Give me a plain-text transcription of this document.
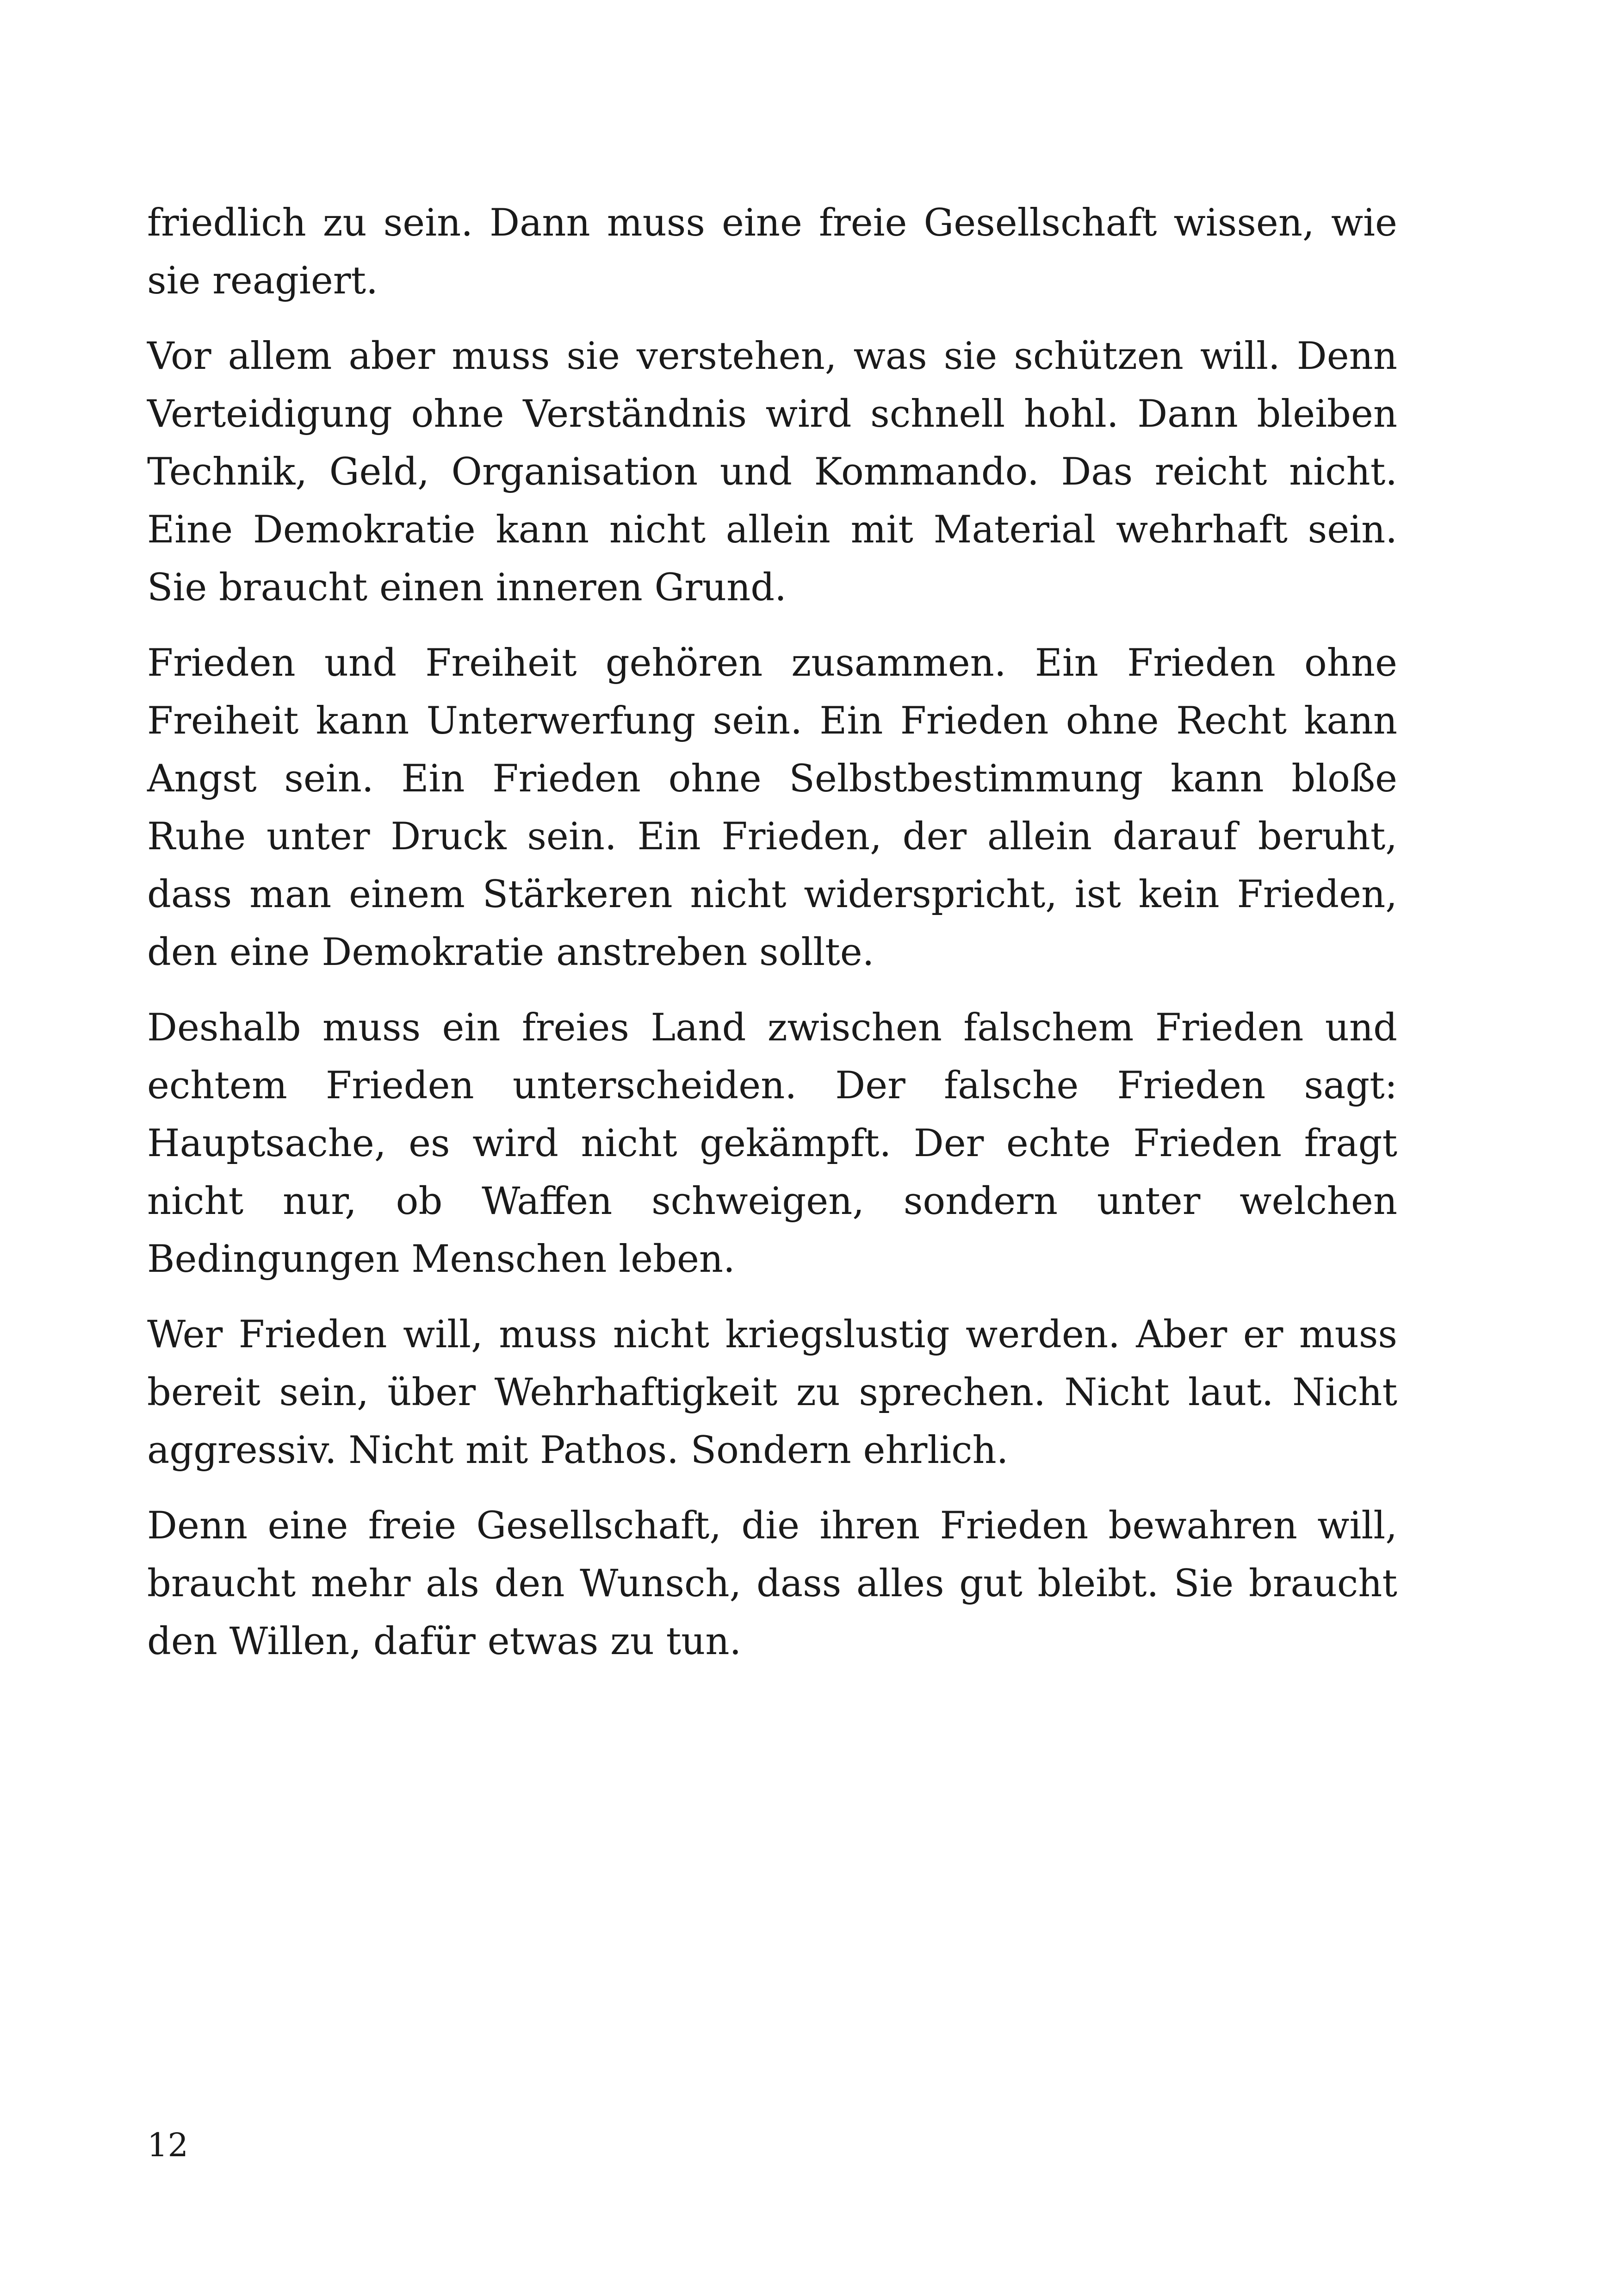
friedlich zu sein. Dann muss eine freie Gesellschaft wissen, wie sie reagiert.

Vor allem aber muss sie verstehen, was sie schützen will. Denn Verteidigung ohne Verständnis wird schnell hohl. Dann bleiben Technik, Geld, Organisation und Kommando. Das reicht nicht. Eine Demokratie kann nicht allein mit Material wehrhaft sein. Sie braucht einen inneren Grund.

Frieden und Freiheit gehören zusammen. Ein Frieden ohne Freiheit kann Unterwerfung sein. Ein Frieden ohne Recht kann Angst sein. Ein Frieden ohne Selbstbestimmung kann bloße Ruhe unter Druck sein. Ein Frieden, der allein darauf beruht, dass man einem Stärkeren nicht widerspricht, ist kein Frieden, den eine Demokratie anstreben sollte.

Deshalb muss ein freies Land zwischen falschem Frieden und echtem Frieden unterscheiden. Der falsche Frieden sagt: Hauptsache, es wird nicht gekämpft. Der echte Frieden fragt nicht nur, ob Waffen schweigen, sondern unter welchen Bedingungen Menschen leben.

Wer Frieden will, muss nicht kriegslustig werden. Aber er muss bereit sein, über Wehrhaftigkeit zu sprechen. Nicht laut. Nicht aggressiv. Nicht mit Pathos. Sondern ehrlich.

Denn eine freie Gesellschaft, die ihren Frieden bewahren will, braucht mehr als den Wunsch, dass alles gut bleibt. Sie braucht den Willen, dafür etwas zu tun.

12
